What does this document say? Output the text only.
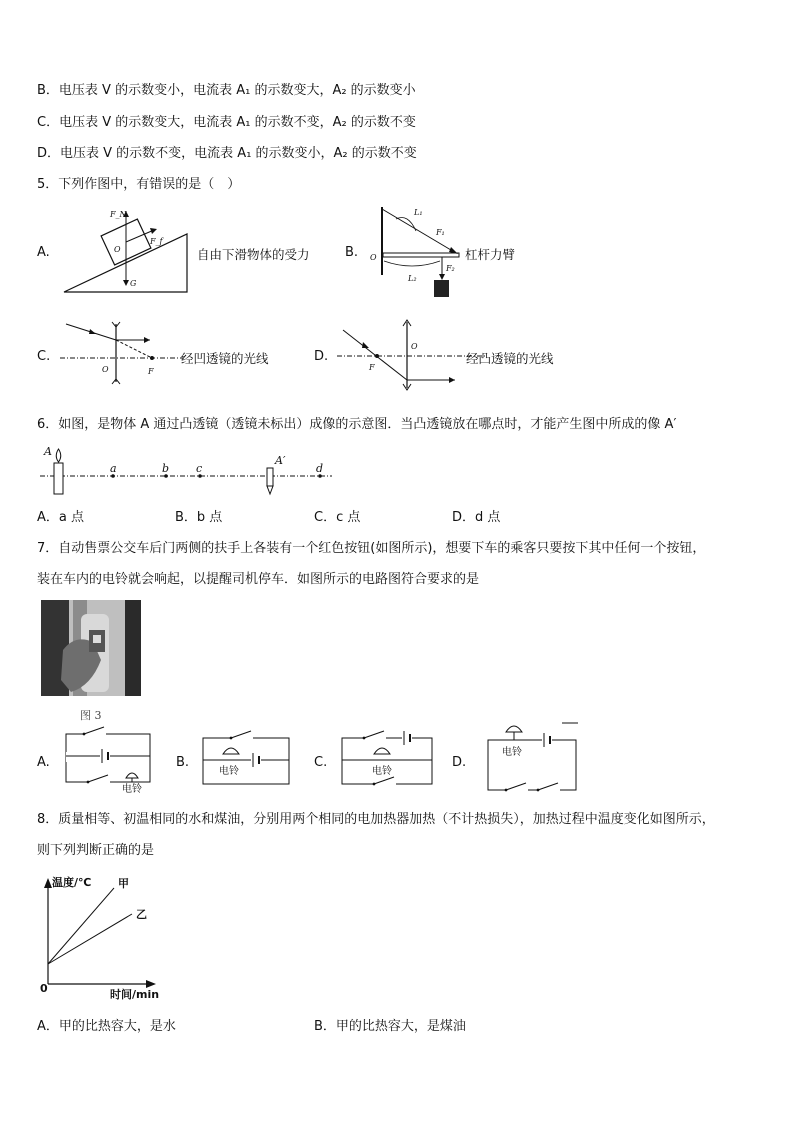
B．电压表 V 的示数变小，电流表 A₁ 的示数变大，A₂ 的示数变小
C．电压表 V 的示数变大，电流表 A₁ 的示数不变，A₂ 的示数不变
D．电压表 V 的示数不变，电流表 A₁ 的示数变小，A₂ 的示数不变
5．下列作图中，有错误的是（　）
A.
F_N
F_f
O
G
自由下滑物体的受力	B.
L₁
F₁
O
F₂
L₂
杠杆力臂
C.
O	F
经凹透镜的光线	D.
O
F
经凸透镜的光线
6．如图，是物体 A 通过凸透镜（透镜未标出）成像的示意图．当凸透镜放在哪点时，才能产生图中所成的像 A′
A
a	b c
A′
d
A．a 点	B．b 点	C．c 点	D．d 点
7．自动售票公交车后门两侧的扶手上各装有一个红色按钮(如图所示)，想要下车的乘客只要按下其中任何一个按钮，
装在车内的电铃就会响起，以提醒司机停车．如图所示的电路图符合要求的是
图 3
A.
电铃
B.
电铃
C.
电铃
D.
电铃
8．质量相等、初温相同的水和煤油，分别用两个相同的电加热器加热（不计热损失），加热过程中温度变化如图所示，
则下列判断正确的是
温度/℃ 甲
乙
0	时间/min
A．甲的比热容大，是水	B．甲的比热容大，是煤油
